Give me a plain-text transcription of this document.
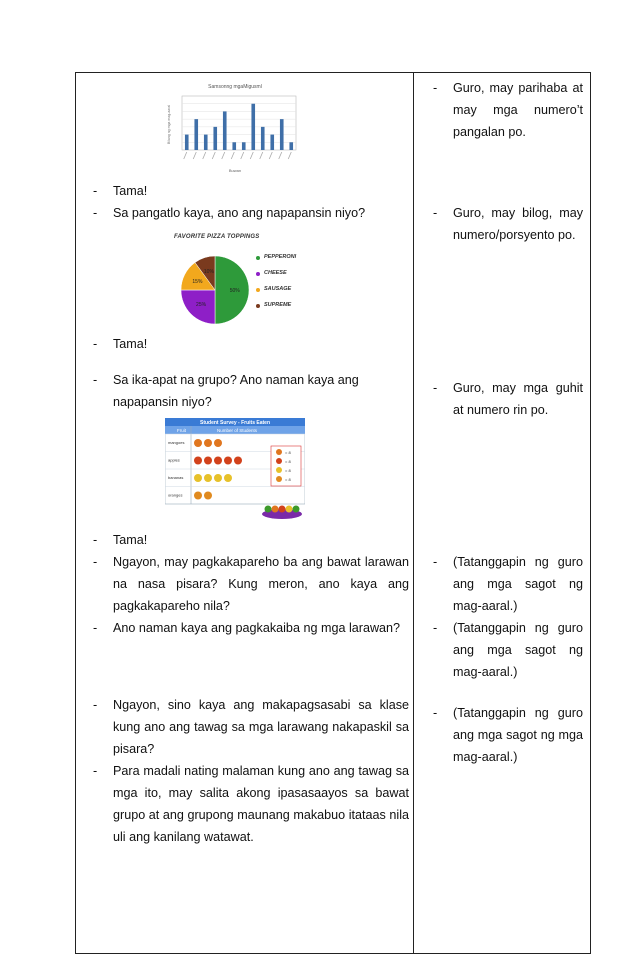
Samsonng mgaMigusml
Buwan
Bilang ng mga mag-aaral
FAVORITE PIZZA TOPPINGS
50%
25%
15%
10%
PEPPERONI
CHEESE
SAUSAGE
SUPREME
Student Survey - Fruits Eaten
Fruit	Number of Students
mangoes
apples
bananas
oranges
= 8
= 8
= 8
= 8
-	Tama!
-	Sa pangatlo kaya, ano ang napapansin niyo?
-	Tama!
-	Sa ika-apat na grupo? Ano naman kaya ang napapansin niyo?
-	Tama!
-	Ngayon, may pagkakapareho ba ang bawat larawan na nasa pisara? Kung meron, ano kaya ang pagkakapareho nila?
-	Ano naman kaya ang pagkakaiba ng mga larawan?
-	Ngayon, sino kaya ang makapagsasabi sa klase kung ano ang tawag sa mga larawang nakapaskil sa pisara?
-	Para madali nating malaman kung ano ang tawag sa mga ito, may salita akong ipasasaayos sa bawat grupo at ang grupong maunang makabuo itataas nila uli ang kanilang watawat.
-	Guro, may parihaba at may mga numero’t pangalan po.
-	Guro, may bilog, may numero/porsyento po.
-	Guro, may mga guhit at numero rin po.
-	(Tatanggapin ng guro ang mga sagot ng mag-aaral.)
-	(Tatanggapin ng guro ang mga sagot ng mag-aaral.)
-	(Tatanggapin ng guro ang mga sagot ng mga mag-aaral.)
